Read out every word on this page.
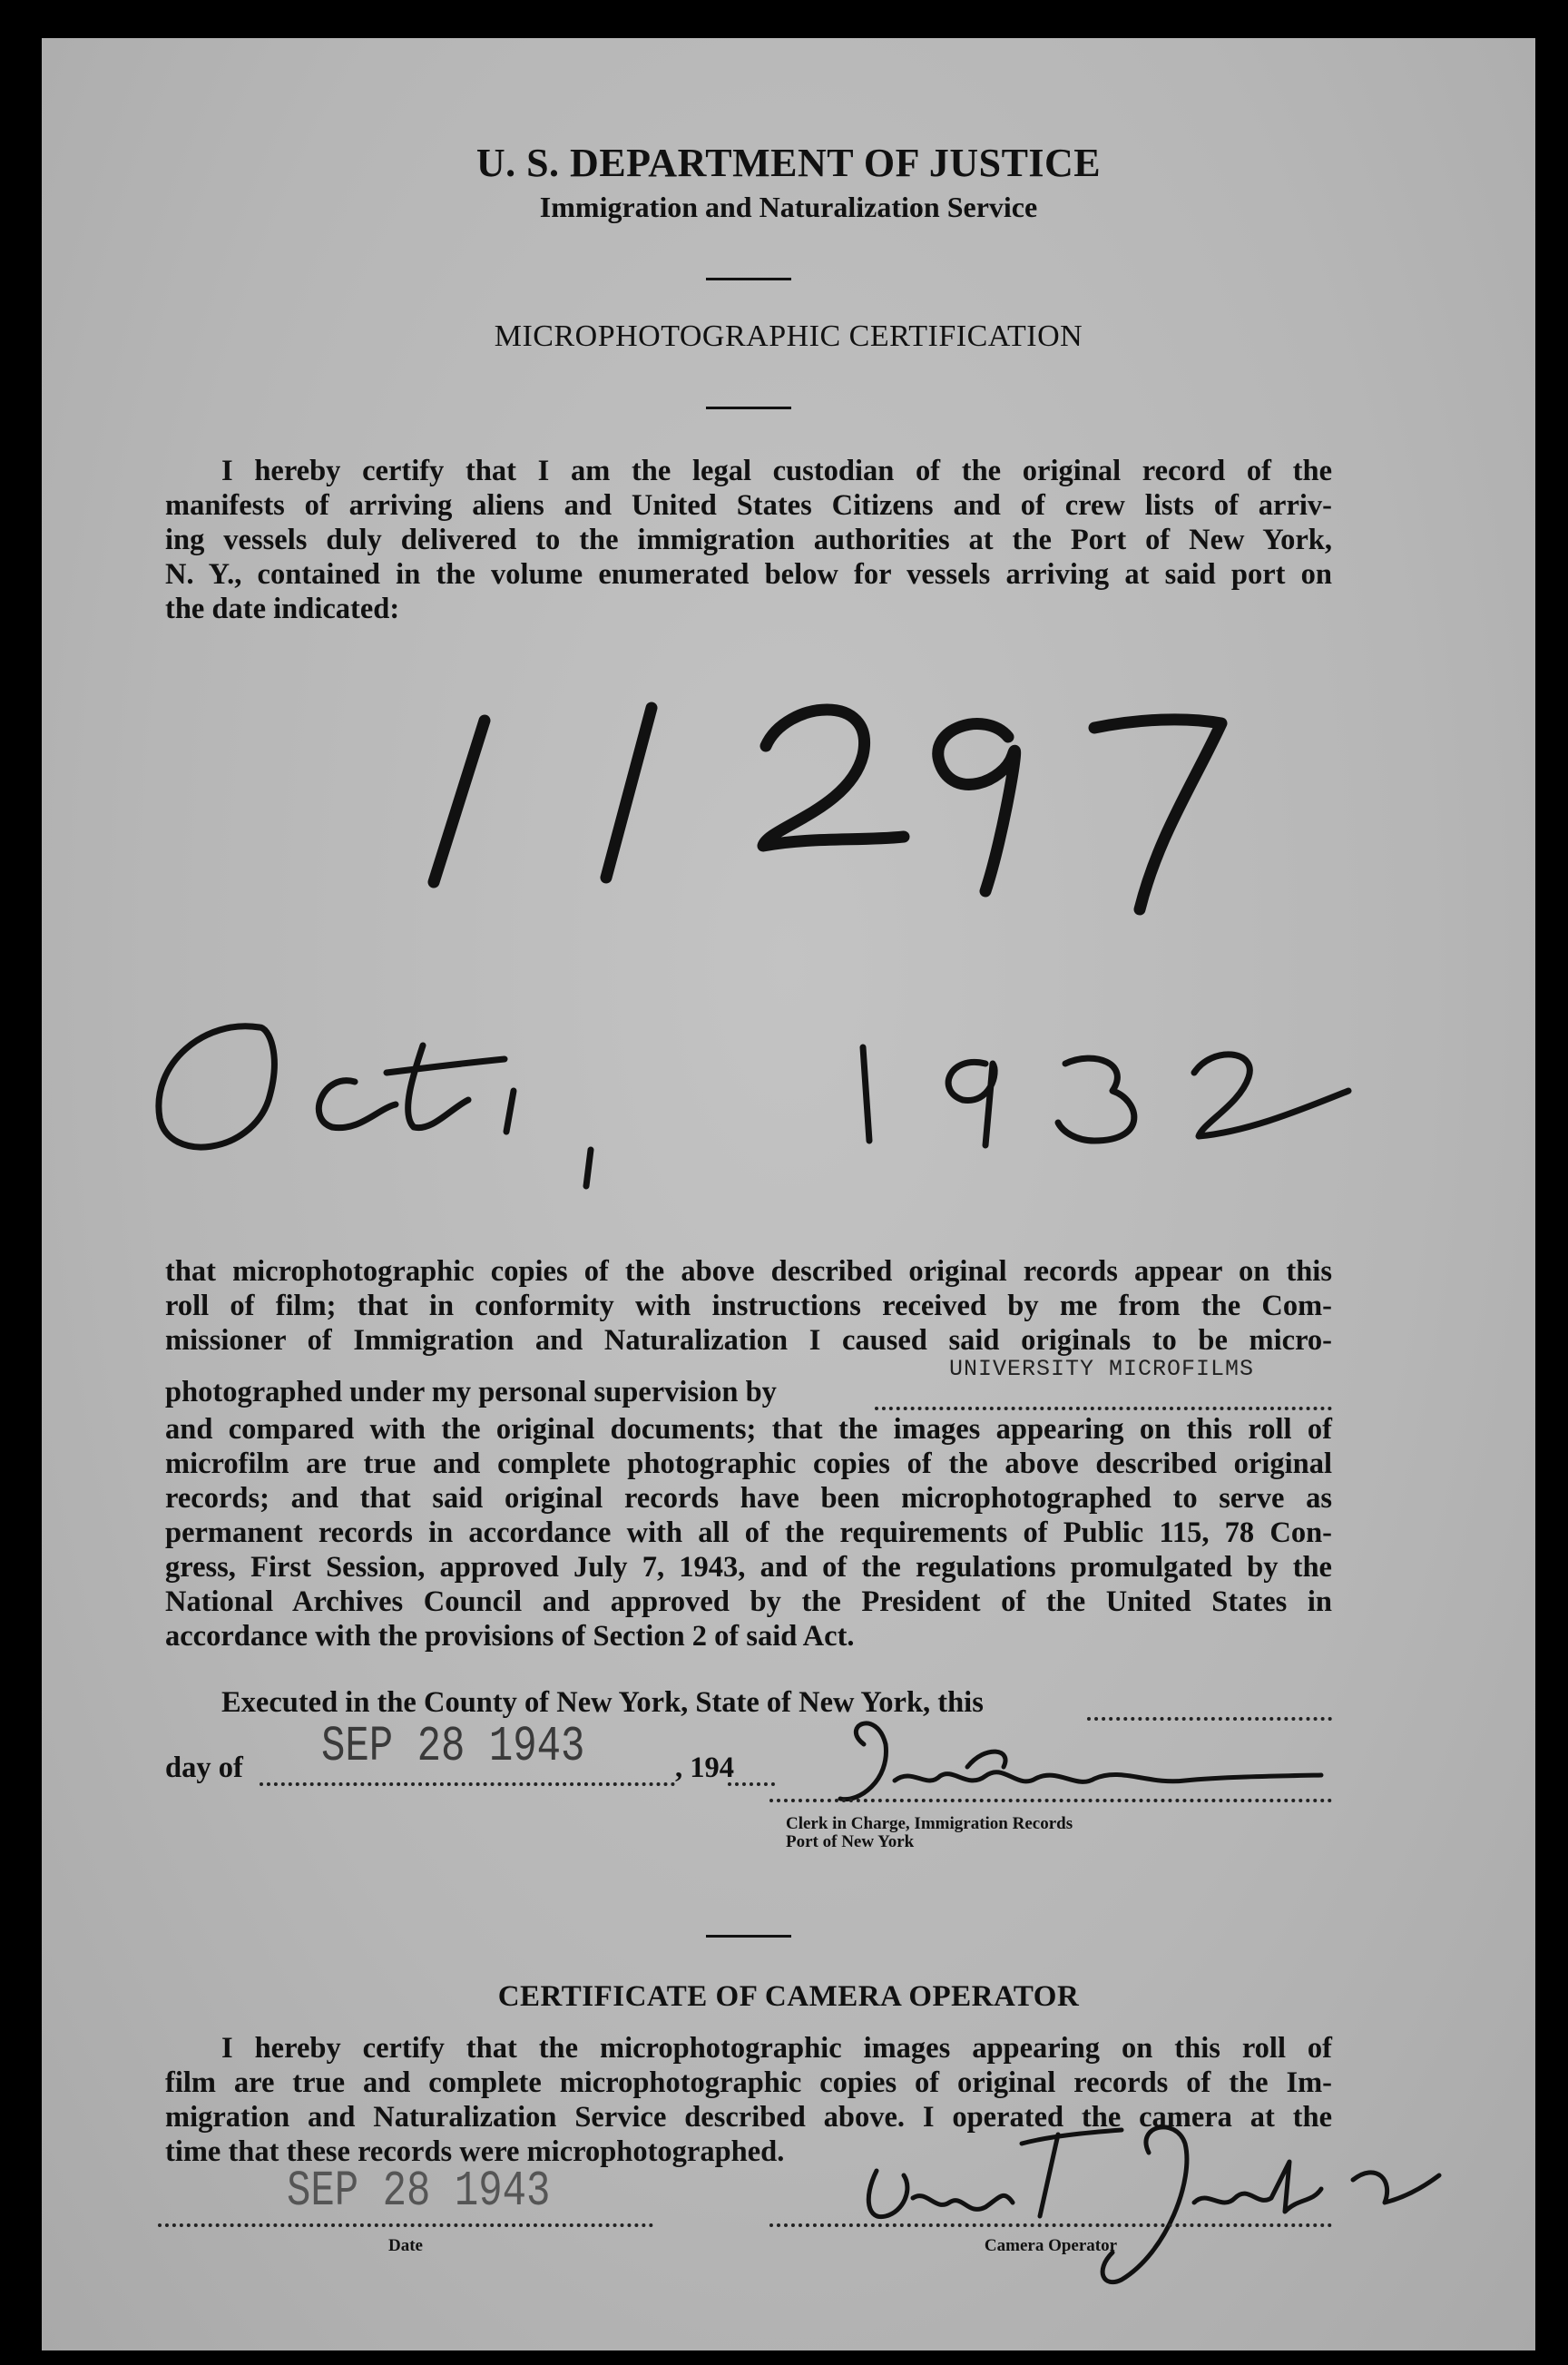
U. S. DEPARTMENT OF JUSTICE
Immigration and Naturalization Service
MICROPHOTOGRAPHIC CERTIFICATION
I hereby certify that I am the legal custodian of the original record of the
manifests of arriving aliens and United States Citizens and of crew lists of arriv-
ing vessels duly delivered to the immigration authorities at the Port of New York,
N. Y., contained in the volume enumerated below for vessels arriving at said port on
the date indicated:
that microphotographic copies of the above described original records appear on this
roll of film; that in conformity with instructions received by me from the Com-
missioner of Immigration and Naturalization I caused said originals to be micro-
photographed under my personal supervision by
UNIVERSITY MICROFILMS
and compared with the original documents; that the images appearing on this roll of
microfilm are true and complete photographic copies of the above described original
records; and that said original records have been microphotographed to serve as
permanent records in accordance with all of the requirements of Public 115, 78 Con-
gress, First Session, approved July 7, 1943, and of the regulations promulgated by the
National Archives Council and approved by the President of the United States in
accordance with the provisions of Section 2 of said Act.
Executed in the County of New York, State of New York, this
day of SEP 28 1943	, 194
Clerk in Charge, Immigration Records
Port of New York
CERTIFICATE OF CAMERA OPERATOR
I hereby certify that the microphotographic images appearing on this roll of
film are true and complete microphotographic copies of original records of the Im-
migration and Naturalization Service described above. I operated the camera at the
time that these records were microphotographed.
SEP 28 1943
Date	Camera Operator
